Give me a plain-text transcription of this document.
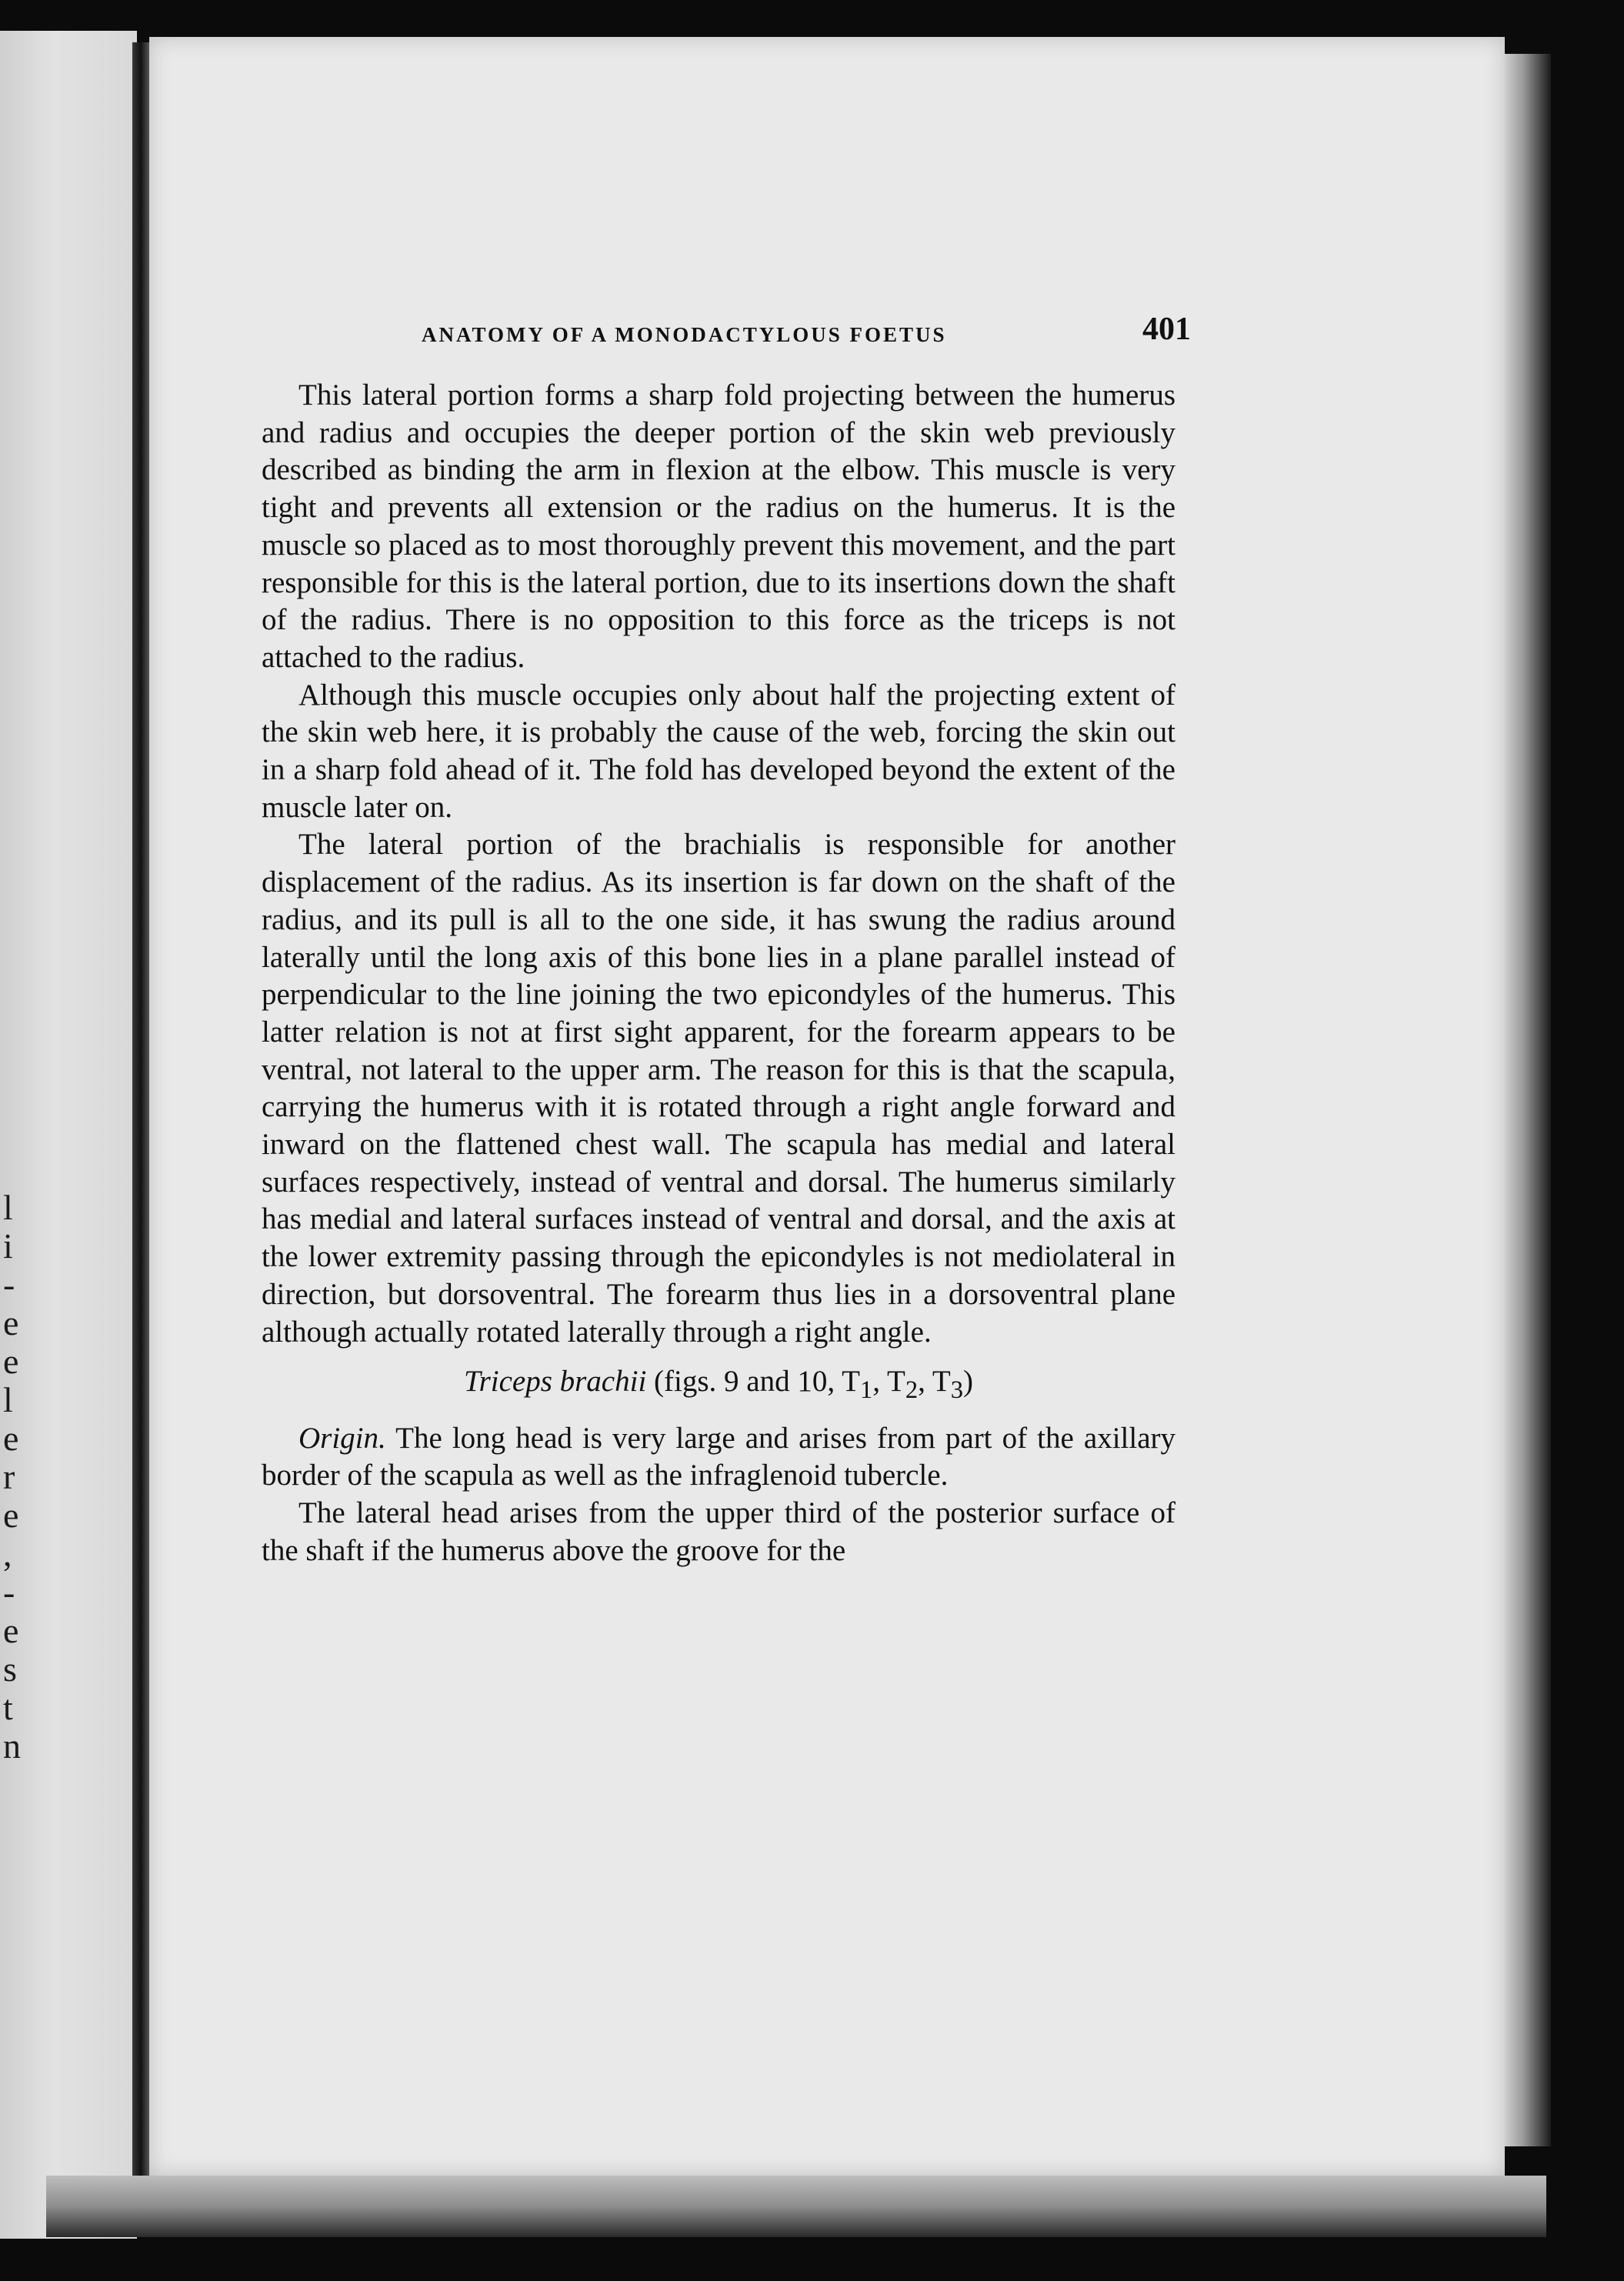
l
i
-
e
e
l
e
r
e
,
-
e
s
t
n
ANATOMY OF A MONODACTYLOUS FOETUS	401

This lateral portion forms a sharp fold projecting between the humerus and radius and occupies the deeper portion of the skin web previously described as binding the arm in flexion at the elbow. This muscle is very tight and prevents all extension or the radius on the humerus. It is the muscle so placed as to most thoroughly prevent this movement, and the part responsible for this is the lateral portion, due to its insertions down the shaft of the radius. There is no opposition to this force as the triceps is not attached to the radius.

Although this muscle occupies only about half the projecting extent of the skin web here, it is probably the cause of the web, forcing the skin out in a sharp fold ahead of it. The fold has developed beyond the extent of the muscle later on.

The lateral portion of the brachialis is responsible for another displacement of the radius. As its insertion is far down on the shaft of the radius, and its pull is all to the one side, it has swung the radius around laterally until the long axis of this bone lies in a plane parallel instead of perpendicular to the line joining the two epicondyles of the humerus. This latter relation is not at first sight apparent, for the forearm appears to be ventral, not lateral to the upper arm. The reason for this is that the scapula, carrying the humerus with it is rotated through a right angle forward and inward on the flattened chest wall. The scapula has medial and lateral surfaces respectively, instead of ventral and dorsal. The humerus similarly has medial and lateral surfaces instead of ventral and dorsal, and the axis at the lower extremity passing through the epicondyles is not mediolateral in direction, but dorsoventral. The forearm thus lies in a dorsoventral plane although actually rotated laterally through a right angle.

Triceps brachii (figs. 9 and 10, $T_1$, $T_2$, $T_3$)

Origin. The long head is very large and arises from part of the axillary border of the scapula as well as the infraglenoid tubercle.

The lateral head arises from the upper third of the posterior surface of the shaft if the humerus above the groove for the
